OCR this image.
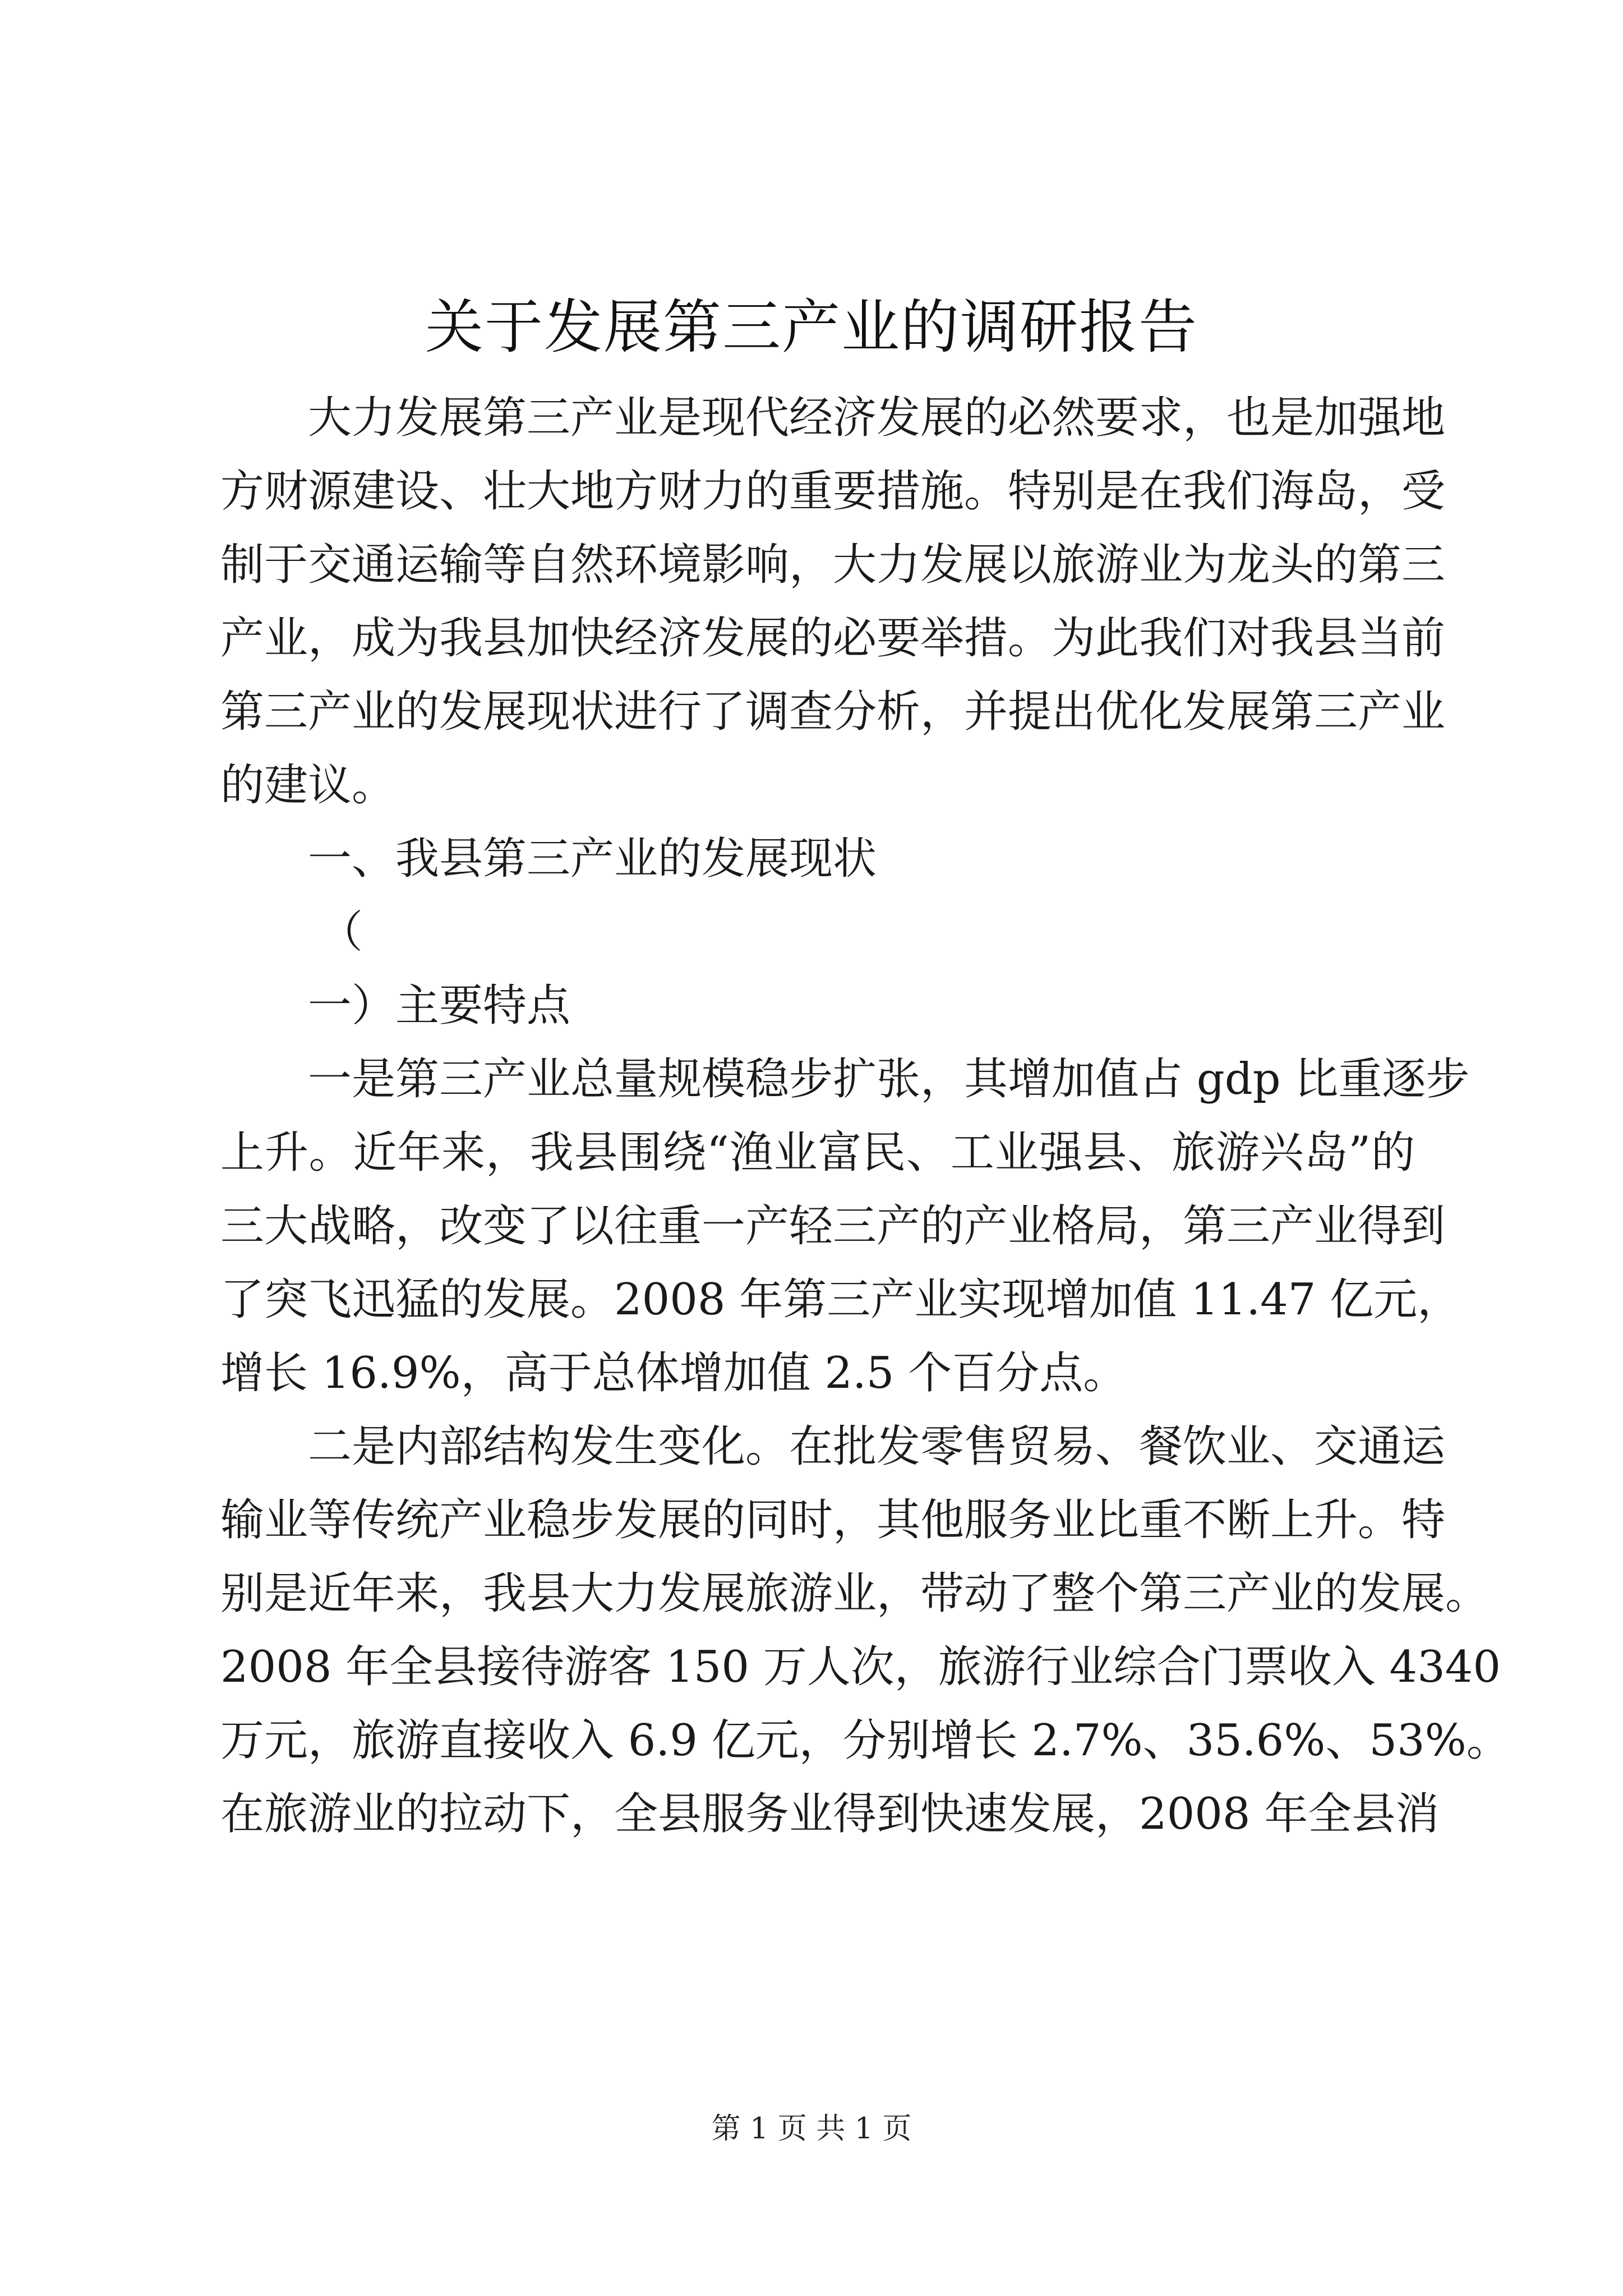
关于发展第三产业的调研报告
大力发展第三产业是现代经济发展的必然要求，也是加强地
方财源建设、壮大地方财力的重要措施。特别是在我们海岛，受
制于交通运输等自然环境影响，大力发展以旅游业为龙头的第三
产业，成为我县加快经济发展的必要举措。为此我们对我县当前
第三产业的发展现状进行了调查分析，并提出优化发展第三产业
的建议。
一、我县第三产业的发展现状
（
一）主要特点
一是第三产业总量规模稳步扩张，其增加值占 gdp 比重逐步
上升。近年来，我县围绕“渔业富民、工业强县、旅游兴岛”的
三大战略，改变了以往重一产轻三产的产业格局，第三产业得到
了突飞迅猛的发展。2008 年第三产业实现增加值 11.47 亿元，
增长 16.9%，高于总体增加值 2.5 个百分点。
二是内部结构发生变化。在批发零售贸易、餐饮业、交通运
输业等传统产业稳步发展的同时，其他服务业比重不断上升。特
别是近年来，我县大力发展旅游业，带动了整个第三产业的发展。
2008 年全县接待游客 150 万人次，旅游行业综合门票收入 4340
万元，旅游直接收入 6.9 亿元，分别增长 2.7%、35.6%、53%。
在旅游业的拉动下，全县服务业得到快速发展，2008 年全县消
第 1 页 共 1 页
